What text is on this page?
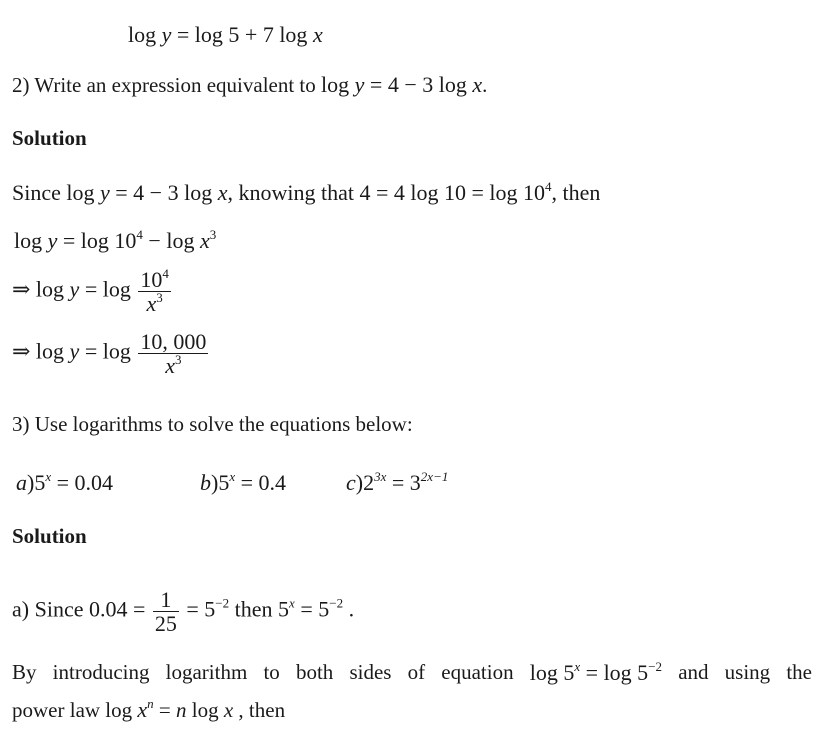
log y = log 5 + 7 log x
2) Write an expression equivalent to log y = 4 − 3 log x.
Solution
Since log y = 4 − 3 log x, knowing that 4 = 4 $\log 10 = \log 10^4$, then
$\log y = \log 10^4 - \log x^3$
⇒ $\log y = \log \frac{10^4}{x^3}$
⇒ $\log y = \log \frac{10, 000}{x^3}$
3) Use logarithms to solve the equations below:
$a)5^x = 0.04$	$b)5^x = 0.4$	$c)2^{3x} = 3^{2x-1}$
Solution
a) Since $0.04 = \frac{1}{25} = 5^{-2}$ then $5^x = 5^{-2}$ .
By introducing logarithm to both sides of equation $\log 5^x = \log 5^{-2}$ and using the
power law $\log x^n = n$ log x , then
